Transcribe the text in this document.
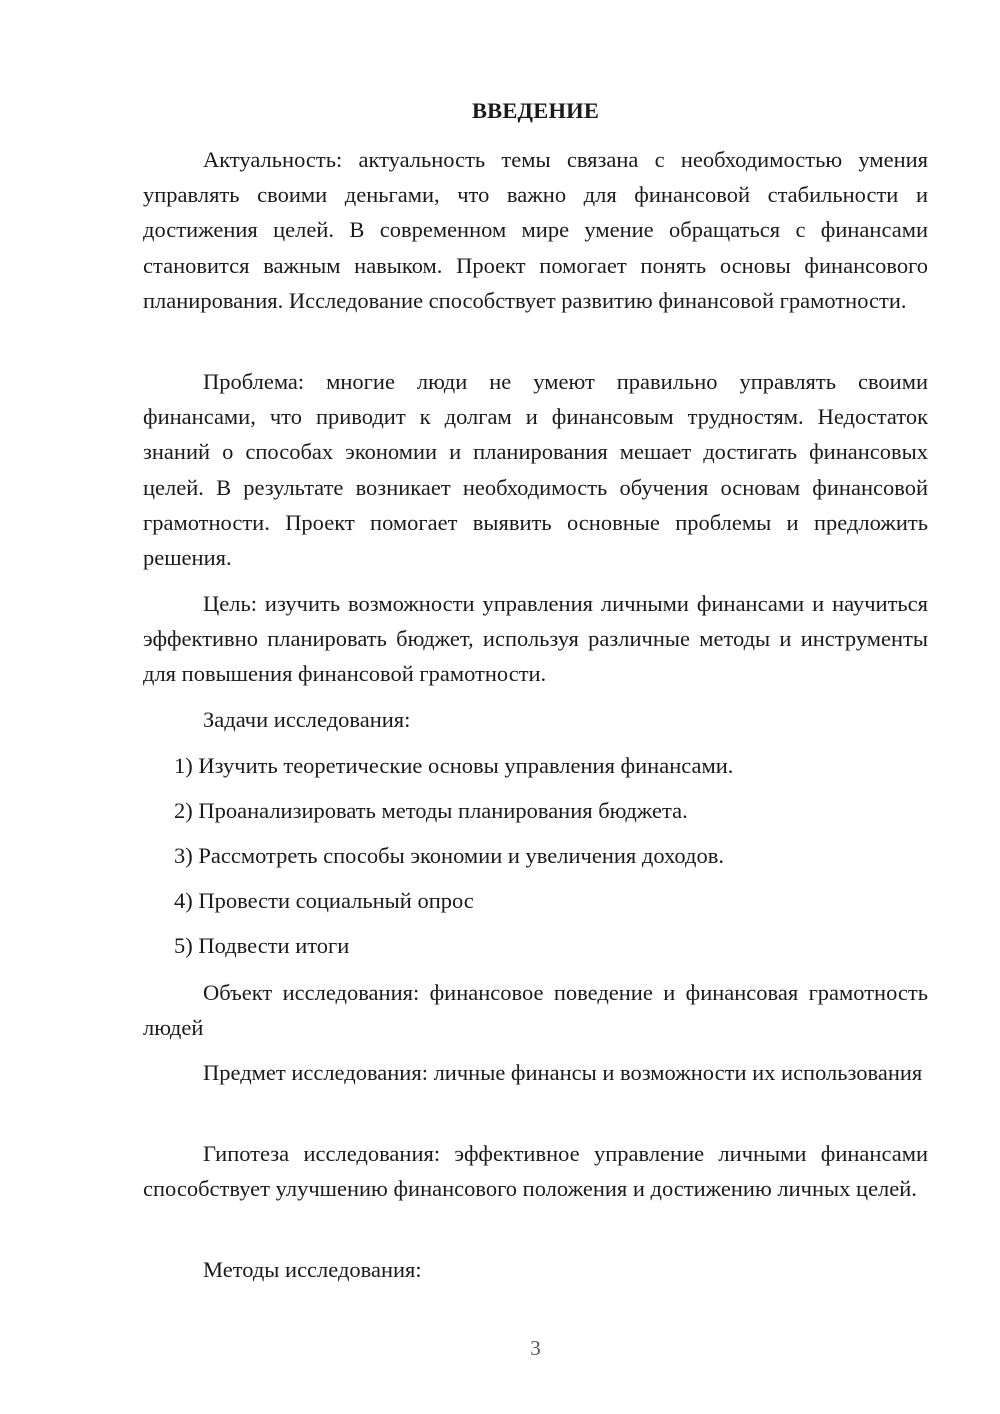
ВВЕДЕНИЕ

Актуальность: актуальность темы связана с необходимостью умения управлять своими деньгами, что важно для финансовой стабильности и достижения целей. В современном мире умение обращаться с финансами становится важным навыком. Проект помогает понять основы финансового планирования. Исследование способствует развитию финансовой грамотности.

Проблема: многие люди не умеют правильно управлять своими финансами, что приводит к долгам и финансовым трудностям. Недостаток знаний о способах экономии и планирования мешает достигать финансовых целей. В результате возникает необходимость обучения основам финансовой грамотности. Проект помогает выявить основные проблемы и предложить решения.

Цель: изучить возможности управления личными финансами и научиться эффективно планировать бюджет, используя различные методы и инструменты для повышения финансовой грамотности.

Задачи исследования:

1) Изучить теоретические основы управления финансами.
2) Проанализировать методы планирования бюджета.
3) Рассмотреть способы экономии и увеличения доходов.
4) Провести социальный опрос
5) Подвести итоги

Объект исследования: финансовое поведение и финансовая грамотность людей

Предмет исследования: личные финансы и возможности их использования

Гипотеза исследования: эффективное управление личными финансами способствует улучшению финансового положения и достижению личных целей.

Методы исследования:

3
